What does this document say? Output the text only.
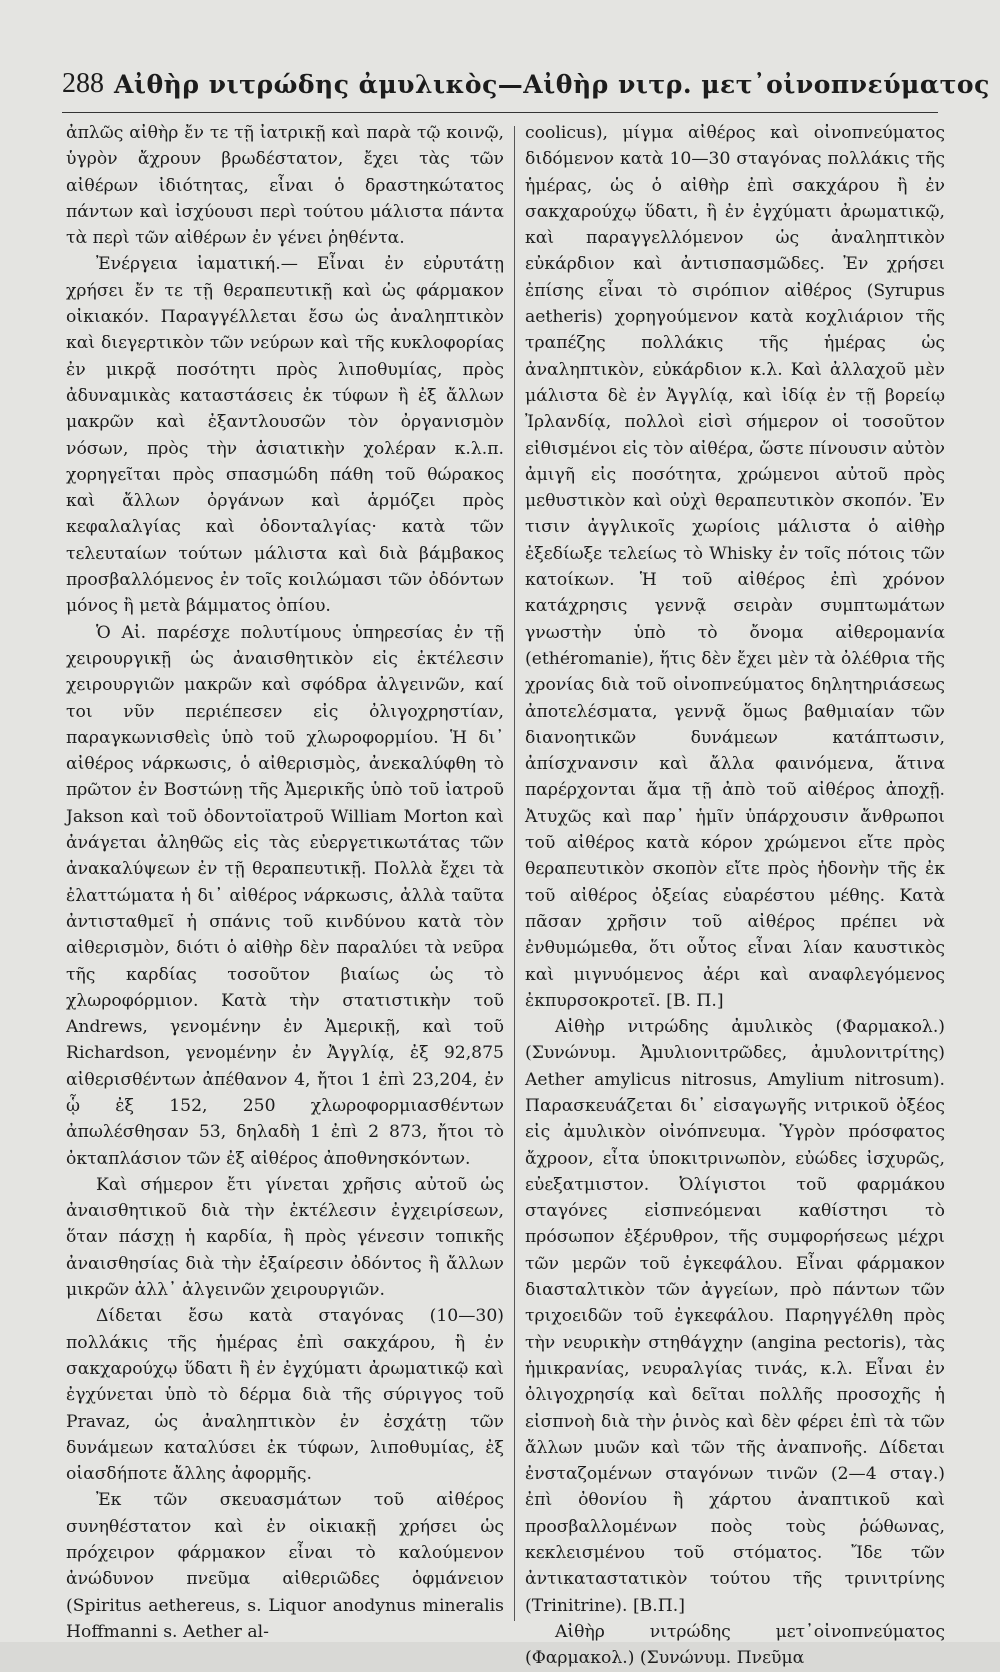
288 Αἰθὴρ νιτρώδης ἀμυλικὸς—Αἰθὴρ νιτρ. μετ᾽οἰνοπνεύματος

ἀπλῶς αἰθὴρ ἔν τε τῇ ἰατρικῇ καὶ παρὰ τῷ κοινῷ, ὑγρὸν ἄχρουν βρωδέστατον, ἔχει τὰς τῶν αἰθέρων ἰδιότητας, εἶναι ὁ δραστηκώτατος πάντων καὶ ἰσχύουσι περὶ τούτου μάλιστα πάντα τὰ περὶ τῶν αἰθέρων ἐν γένει ῥηθέντα.

Ἐνέργεια ἰαματική.— Εἶναι ἐν εὐρυτάτῃ χρήσει ἔν τε τῇ θεραπευτικῇ καὶ ὡς φάρμακον οἰκιακόν. Παραγγέλλεται ἔσω ὡς ἀναληπτικὸν καὶ διεγερτικὸν τῶν νεύρων καὶ τῆς κυκλοφορίας ἐν μικρᾷ ποσότητι πρὸς λιποθυμίας, πρὸς ἀδυναμικὰς καταστάσεις ἐκ τύφων ἢ ἐξ ἄλλων μακρῶν καὶ ἐξαντλουσῶν τὸν ὀργανισμὸν νόσων, πρὸς τὴν ἀσιατικὴν χολέραν κ.λ.π. χορηγεῖται πρὸς σπασμώδη πάθη τοῦ θώρακος καὶ ἄλλων ὀργάνων καὶ ἁρμόζει πρὸς κεφαλαλγίας καὶ ὀδονταλγίας· κατὰ τῶν τελευταίων τούτων μάλιστα καὶ διὰ βάμβακος προσβαλλόμενος ἐν τοῖς κοιλώμασι τῶν ὀδόντων μόνος ἢ μετὰ βάμματος ὀπίου.

Ὁ Αἰ. παρέσχε πολυτίμους ὑπηρεσίας ἐν τῇ χειρουργικῇ ὡς ἀναισθητικὸν εἰς ἐκτέλεσιν χειρουργιῶν μακρῶν καὶ σφόδρα ἀλγεινῶν, καί τοι νῦν περιέπεσεν εἰς ὀλιγοχρηστίαν, παραγκωνισθεὶς ὑπὸ τοῦ χλωροφορμίου. Ἡ δι᾽ αἰθέρος νάρκωσις, ὁ αἰθερισμὸς, ἀνεκαλύφθη τὸ πρῶτον ἐν Βοστώνῃ τῆς Ἀμερικῆς ὑπὸ τοῦ ἰατροῦ Jakson καὶ τοῦ ὀδοντοϊατροῦ William Morton καὶ ἀνάγεται ἀληθῶς εἰς τὰς εὐεργετικωτάτας τῶν ἀνακαλύψεων ἐν τῇ θεραπευτικῇ. Πολλὰ ἔχει τὰ ἐλαττώματα ἡ δι᾽ αἰθέρος νάρκωσις, ἀλλὰ ταῦτα ἀντισταθμεῖ ἡ σπάνις τοῦ κινδύνου κατὰ τὸν αἰθερισμὸν, διότι ὁ αἰθὴρ δὲν παραλύει τὰ νεῦρα τῆς καρδίας τοσοῦτον βιαίως ὡς τὸ χλωροφόρμιον. Κατὰ τὴν στατιστικὴν τοῦ Andrews, γενομένην ἐν Ἀμερικῇ, καὶ τοῦ Richardson, γενομένην ἐν Ἀγγλίᾳ, ἐξ 92,875 αἰθερισθέντων ἀπέθανον 4, ἤτοι 1 ἐπὶ 23,204, ἐν ᾧ ἐξ 152, 250 χλωροφορμιασθέντων ἀπωλέσθησαν 53, δηλαδὴ 1 ἐπὶ 2 873, ἤτοι τὸ ὀκταπλάσιον τῶν ἐξ αἰθέρος ἀποθνησκόντων.

Καὶ σήμερον ἔτι γίνεται χρῆσις αὐτοῦ ὡς ἀναισθητικοῦ διὰ τὴν ἐκτέλεσιν ἐγχειρίσεων, ὅταν πάσχῃ ἡ καρδία, ἢ πρὸς γένεσιν τοπικῆς ἀναισθησίας διὰ τὴν ἐξαίρεσιν ὀδόντος ἢ ἄλλων μικρῶν ἀλλ᾽ ἀλγεινῶν χειρουργιῶν.

Δίδεται ἔσω κατὰ σταγόνας (10—30) πολλάκις τῆς ἡμέρας ἐπὶ σακχάρου, ἢ ἐν σακχαρούχῳ ὕδατι ἢ ἐν ἐγχύματι ἀρωματικῷ καὶ ἐγχύνεται ὑπὸ τὸ δέρμα διὰ τῆς σύριγγος τοῦ Pravaz, ὡς ἀναληπτικὸν ἐν ἐσχάτῃ τῶν δυνάμεων καταλύσει ἐκ τύφων, λιποθυμίας, ἐξ οἱασδήποτε ἄλλης ἀφορμῆς.

Ἐκ τῶν σκευασμάτων τοῦ αἰθέρος συνηθέστατον καὶ ἐν οἰκιακῇ χρήσει ὡς πρόχειρον φάρμακον εἶναι τὸ καλούμενον ἀνώδυνον πνεῦμα αἰθεριῶδες ὁφμάνειον (Spiritus aethereus, s. Liquor anodynus mineralis Hoffmanni s. Aether al-

coolicus), μίγμα αἰθέρος καὶ οἰνοπνεύματος διδόμενον κατὰ 10—30 σταγόνας πολλάκις τῆς ἡμέρας, ὡς ὁ αἰθὴρ ἐπὶ σακχάρου ἢ ἐν σακχαρούχῳ ὕδατι, ἢ ἐν ἐγχύματι ἀρωματικῷ, καὶ παραγγελλόμενον ὡς ἀναληπτικὸν εὐκάρδιον καὶ ἀντισπασμῶδες. Ἐν χρήσει ἐπίσης εἶναι τὸ σιρόπιον αἰθέρος (Syrupus aetheris) χορηγούμενον κατὰ κοχλιάριον τῆς τραπέζης πολλάκις τῆς ἡμέρας ὡς ἀναληπτικὸν, εὐκάρδιον κ.λ. Καὶ ἀλλαχοῦ μὲν μάλιστα δὲ ἐν Ἀγγλίᾳ, καὶ ἰδίᾳ ἐν τῇ βορείῳ Ἰρλανδίᾳ, πολλοὶ εἰσὶ σήμερον οἱ τοσοῦτον εἰθισμένοι εἰς τὸν αἰθέρα, ὥστε πίνουσιν αὐτὸν ἀμιγῆ εἰς ποσότητα, χρώμενοι αὐτοῦ πρὸς μεθυστικὸν καὶ οὐχὶ θεραπευτικὸν σκοπόν. Ἐν τισιν ἀγγλικοῖς χωρίοις μάλιστα ὁ αἰθὴρ ἐξεδίωξε τελείως τὸ Whisky ἐν τοῖς πότοις τῶν κατοίκων. Ἡ τοῦ αἰθέρος ἐπὶ χρόνον κατάχρησις γεννᾷ σειρὰν συμπτωμάτων γνωστὴν ὑπὸ τὸ ὄνομα αἰθερομανία (ethéromanie), ἥτις δὲν ἔχει μὲν τὰ ὀλέθρια τῆς χρονίας διὰ τοῦ οἰνοπνεύματος δηλητηριάσεως ἀποτελέσματα, γεννᾷ ὅμως βαθμιαίαν τῶν διανοητικῶν δυνάμεων κατάπτωσιν, ἀπίσχνανσιν καὶ ἄλλα φαινόμενα, ἅτινα παρέρχονται ἅμα τῇ ἀπὸ τοῦ αἰθέρος ἀποχῇ. Ἀτυχῶς καὶ παρ᾽ ἡμῖν ὑπάρχουσιν ἄνθρωποι τοῦ αἰθέρος κατὰ κόρον χρώμενοι εἴτε πρὸς θεραπευτικὸν σκοπὸν εἴτε πρὸς ἡδονὴν τῆς ἐκ τοῦ αἰθέρος ὀξείας εὐαρέστου μέθης. Κατὰ πᾶσαν χρῆσιν τοῦ αἰθέρος πρέπει νὰ ἐνθυμώμεθα, ὅτι οὗτος εἶναι λίαν καυστικὸς καὶ μιγνυόμενος ἀέρι καὶ αναφλεγόμενος ἐκπυρσοκροτεῖ. [Β. Π.]

Αἰθὴρ νιτρώδης ἀμυλικὸς (Φαρμακολ.) (Συνώνυμ. Ἀμυλιονιτρῶδες, ἀμυλονιτρίτης) Aether amylicus nitrosus, Amylium nitrosum). Παρασκευάζεται δι᾽ εἰσαγωγῆς νιτρικοῦ ὀξέος εἰς ἀμυλικὸν οἰνόπνευμα. Ὑγρὸν πρόσφατος ἄχροον, εἶτα ὑποκιτρινωπὸν, εὐώδες ἰσχυρῶς, εὐεξατμιστον. Ὀλίγιστοι τοῦ φαρμάκου σταγόνες εἰσπνεόμεναι καθίστησι τὸ πρόσωπον ἐξέρυθρον, τῆς συμφορήσεως μέχρι τῶν μερῶν τοῦ ἐγκεφάλου. Εἶναι φάρμακον διασταλτικὸν τῶν ἀγγείων, πρὸ πάντων τῶν τριχοειδῶν τοῦ ἐγκεφάλου. Παρηγγέλθη πρὸς τὴν νευρικὴν στηθάγχην (angina pectoris), τὰς ἡμικρανίας, νευραλγίας τινάς, κ.λ. Εἶναι ἐν ὀλιγοχρησίᾳ καὶ δεῖται πολλῆς προσοχῆς ἡ εἰσπνοὴ διὰ τὴν ῥινὸς καὶ δὲν φέρει ἐπὶ τὰ τῶν ἄλλων μυῶν καὶ τῶν τῆς ἀναπνοῆς. Δίδεται ἐνσταζομένων σταγόνων τινῶν (2—4 σταγ.) ἐπὶ ὀθονίου ἢ χάρτου ἀναπτικοῦ καὶ προσβαλλομένων ποὸς τοὺς ῥώθωνας, κεκλεισμένου τοῦ στόματος. Ἴδε τῶν ἀντικαταστατικὸν τούτου τῆς τρινιτρίνης (Trinitrine). [Β.Π.]

Αἰθὴρ νιτρώδης μετ᾽οἰνοπνεύματος (Φαρμακολ.) (Συνώνυμ. Πνεῦμα
